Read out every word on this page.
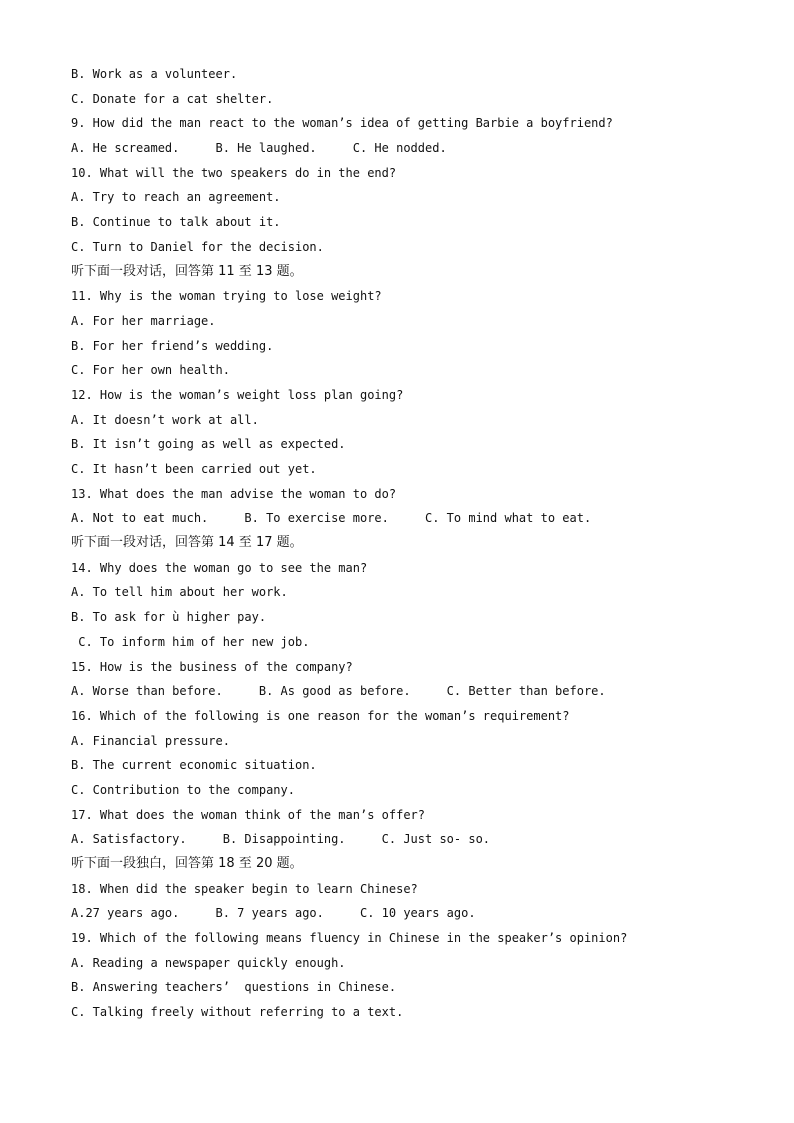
B. Work as a volunteer.
C. Donate for a cat shelter.
9. How did the man react to the woman’s idea of getting Barbie a boyfriend?
A. He screamed.     B. He laughed.     C. He nodded.
10. What will the two speakers do in the end?
A. Try to reach an agreement.
B. Continue to talk about it.
C. Turn to Daniel for the decision.
听下面一段对话，回答第 11 至 13 题。
11. Why is the woman trying to lose weight?
A. For her marriage.
B. For her friend’s wedding.
C. For her own health.
12. How is the woman’s weight loss plan going?
A. It doesn’t work at all.
B. It isn’t going as well as expected.
C. It hasn’t been carried out yet.
13. What does the man advise the woman to do?
A. Not to eat much.     B. To exercise more.     C. To mind what to eat.
听下面一段对话，回答第 14 至 17 题。
14. Why does the woman go to see the man?
A. To tell him about her work.
B. To ask for ù higher pay.
C. To inform him of her new job.
15. How is the business of the company?
A. Worse than before.     B. As good as before.     C. Better than before.
16. Which of the following is one reason for the woman’s requirement?
A. Financial pressure.
B. The current economic situation.
C. Contribution to the company.
17. What does the woman think of the man’s offer?
A. Satisfactory.     B. Disappointing.     C. Just so- so.
听下面一段独白，回答第 18 至 20 题。
18. When did the speaker begin to learn Chinese?
A.27 years ago.     B. 7 years ago.     C. 10 years ago.
19. Which of the following means fluency in Chinese in the speaker’s opinion?
A. Reading a newspaper quickly enough.
B. Answering teachers’  questions in Chinese.
C. Talking freely without referring to a text.
